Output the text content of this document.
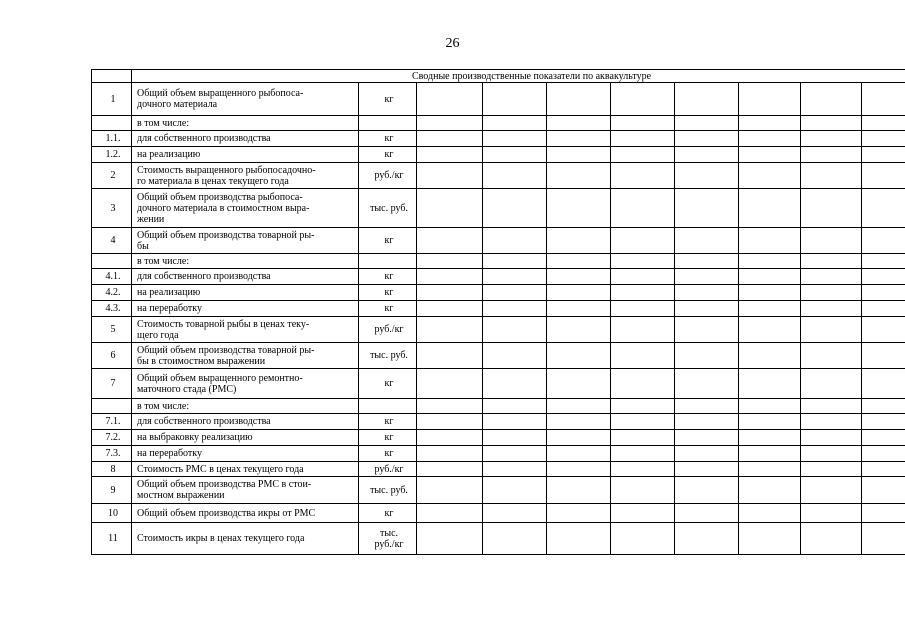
26
	Сводные производственные показатели по аквакультуре									
1	Общий объем выращенного рыбопоса-
дочного материала	кг								
	в том числе:									
1.1.	для собственного производства	кг								
1.2.	на реализацию	кг								
2	Стоимость выращенного рыбопосадочно-
го материала в ценах текущего года	руб./кг								
3	Общий объем производства рыбопоса-
дочного материала в стоимостном выра-
жении	тыс. руб.								
4	Общий объем производства товарной ры-
бы	кг								
	в том числе:									
4.1.	для собственного производства	кг								
4.2.	на реализацию	кг								
4.3.	на переработку	кг								
5	Стоимость товарной рыбы в ценах теку-
щего года	руб./кг								
6	Общий объем производства товарной ры-
бы в стоимостном выражении	тыс. руб.								
7	Общий объем выращенного ремонтно-
маточного стада (РМС)	кг								
	в том числе:									
7.1.	для собственного производства	кг								
7.2.	на выбраковку реализацию	кг								
7.3.	на переработку	кг								
8	Стоимость РМС в ценах текущего года	руб./кг								
9	Общий объем производства РМС в стои-
мостном выражении	тыс. руб.								
10	Общий объем производства икры от РМС	кг								
11	Стоимость икры в ценах текущего года	тыс.
руб./кг								
